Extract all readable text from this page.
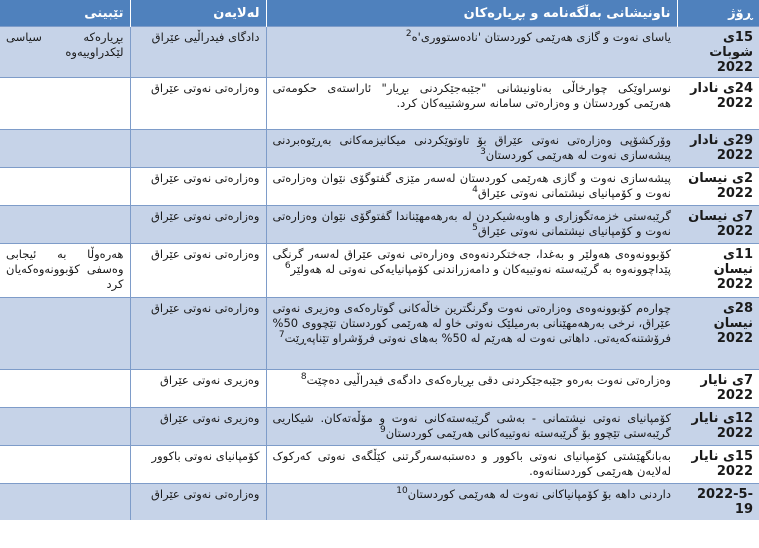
ڕۆژ	ناونیشانی بەڵگەنامە و بڕیارەکان	لەلایەن	تێبینی
15ی شوبات 2022	یاسای نەوت و گازی هەرێمی کوردستان 'نادەستووری'ە$^2$	دادگای فیدراڵیی عێراق	بڕیارەکە سیاسی لێکدراوییەوە
24ی نادار 2022	نوسراوێکی چوارخاڵی بەناونیشانی "جێبەجێکردنی بڕیار" ئاراستەی حکومەتی هەرێمی کوردستان و وەزارەتی سامانە سروشتییەکان کرد.	وەزارەتی نەوتی عێراق	
29ی نادار 2022	وۆرکشۆپی وەزارەتی نەوتی عێراق بۆ تاوتوێکردنی میکانیزمەکانی بەڕێوەبردنی پیشەسازی نەوت لە هەرێمی کوردستان$^3$		
2ی نیسان 2022	پیشەسازی نەوت و گازی هەرێمی کوردستان لەسەر مێزی گفتوگۆی نێوان وەزارەتی نەوت و کۆمپانیای نیشتمانی نەوتی عێراق$^4$	وەزارەتی نەوتی عێراق	
7ی نیسان 2022	گرێبەستی خزمەتگوزاری و هاوبەشیکردن لە بەرهەمهێناندا گفتوگۆی نێوان وەزارەتی نەوت و کۆمپانیای نیشتمانی نەوتی عێراق$^5$	وەزارەتی نەوتی عێراق	
11ی نیسان 2022	کۆبوونەوەی هەولێر و بەغدا، جەختکردنەوەی وەزارەتی نەوتی عێراق لەسەر گرنگی پێداچوونەوە بە گرێبەستە نەوتییەکان و دامەزراندنی کۆمپانیایەکی نەوتی لە هەولێر$^6$	وەزارەتی نەوتی عێراق	هەرەوڵا بە ئیجابی وەسفی کۆبوونەوەکەیان کرد
28ی نیسان 2022	چوارەم کۆبوونەوەی وەزارەتی نەوت وگرنگترین خاڵەکانی گوتارەکەی وەزیری نەوتی عێراق، نرخی بەرهەمهێنانی بەرمیلێک نەوتی خاو لە هەرێمی کوردستان تێچووی 50% فرۆشتنەکەیەتی. داهاتی نەوت لە هەرێم لە 50% بەهای نەوتی فرۆشراو تێناپەڕێت$^7$	وەزارەتی نەوتی عێراق	
7ی نایار 2022	وەزارەتی نەوت بەرەو جێبەجێکردنی دقی بڕیارەکەی دادگەی فیدراڵیی دەچێت$^8$	وەزیری نەوتی عێراق	
12ی نایار 2022	کۆمپانیای نەوتی نیشتمانی - بەشی گرێبەستەکانی نەوت و مۆڵەتەکان. شیکاریی گرێبەستی تێچوو بۆ گرێبەستە نەوتییەکانی هەرێمی کوردستان$^9$	وەزیری نەوتی عێراق	
15ی نایار 2022	بەبانگهێشتی کۆمپانیای نەوتی باکوور و دەستبەسەرگرتنی کێڵگەی نەوتی کەرکوک لەلایەن هەرێمی کوردستانەوە.	کۆمپانیای نەوتی باکوور	
2022-5-19	داردنی داهە بۆ کۆمپانیاکانی نەوت لە هەرێمی کوردستان$^{10}$	وەزارەتی نەوتی عێراق	
